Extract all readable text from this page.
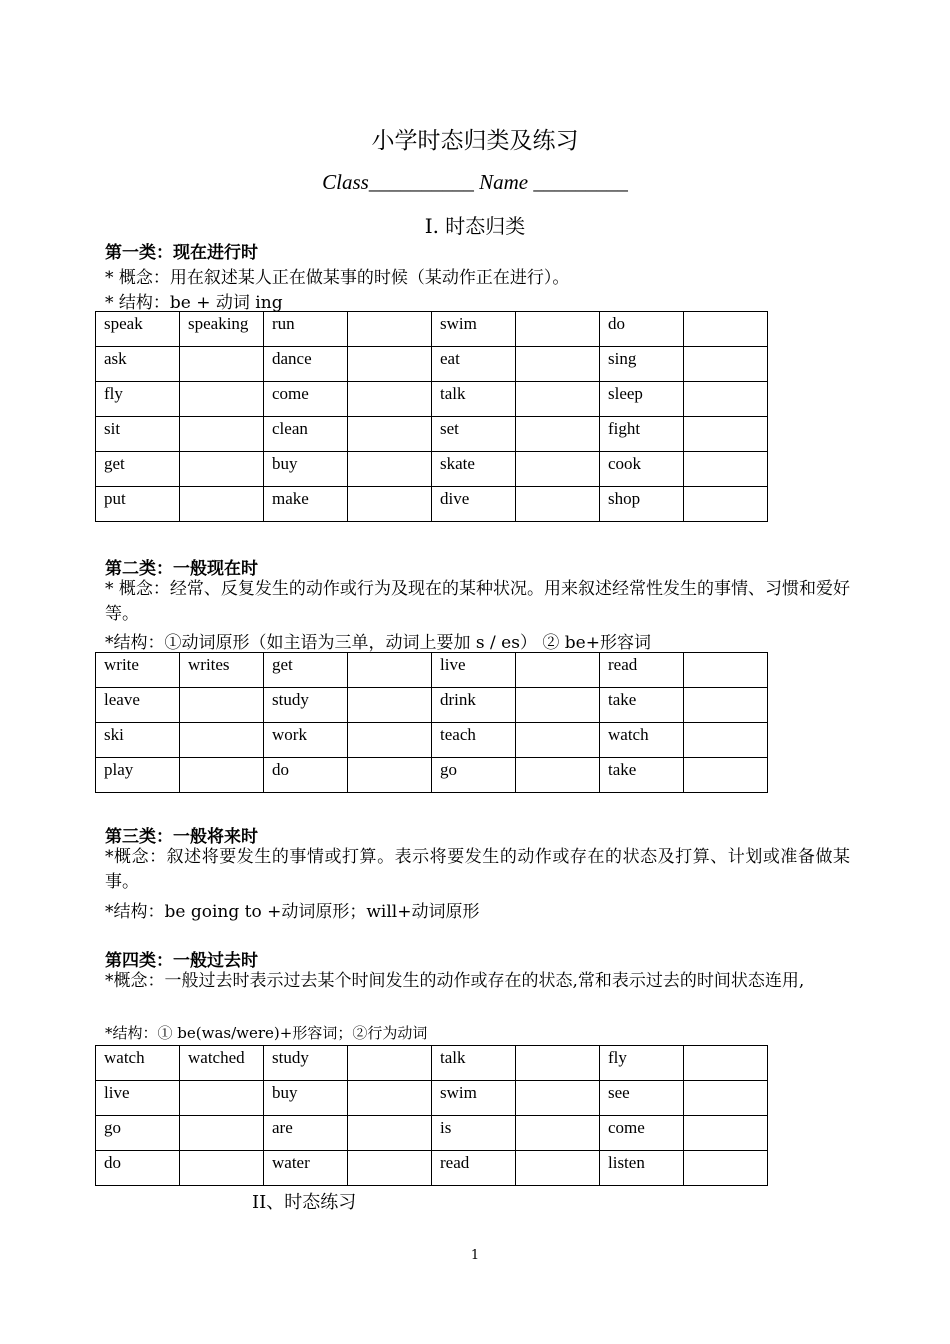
小学时态归类及练习
Class__________ Name _________
I. 时态归类
第一类：现在进行时
* 概念：用在叙述某人正在做某事的时候（某动作正在进行）。
* 结构：be + 动词 ing
speak	speaking	run		swim		do	
ask		dance		eat		sing	
fly		come		talk		sleep	
sit		clean		set		fight	
get		buy		skate		cook	
put		make		dive		shop	
第二类：一般现在时
* 概念：经常、反复发生的动作或行为及现在的某种状况。用来叙述经常性发生的事情、习惯和爱好等。
*结构：①动词原形（如主语为三单，动词上要加 s / es） ② be+形容词
write	writes	get		live		read	
leave		study		drink		take	
ski		work		teach		watch	
play		do		go		take	
第三类：一般将来时
*概念：叙述将要发生的事情或打算。表示将要发生的动作或存在的状态及打算、计划或准备做某事。
*结构：be going to +动词原形；will+动词原形
第四类：一般过去时
*概念：一般过去时表示过去某个时间发生的动作或存在的状态,常和表示过去的时间状态连用,
*结构：① be(was/were)+形容词；②行为动词
watch	watched	study		talk		fly	
live		buy		swim		see	
go		are		is		come	
do		water		read		listen	
II、时态练习
1
